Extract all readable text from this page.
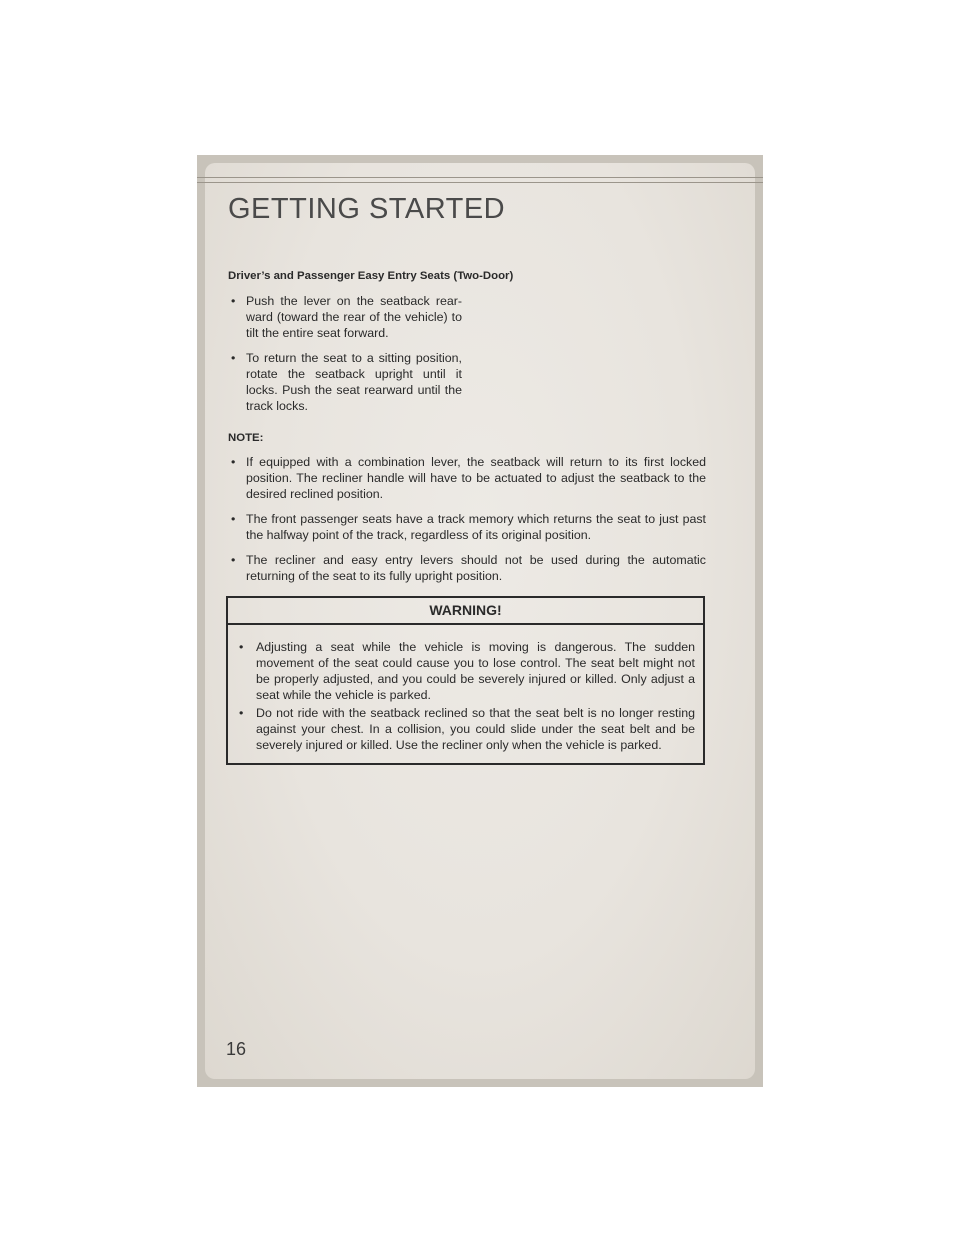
GETTING STARTED
Driver’s and Passenger Easy Entry Seats (Two-Door)
• Push the lever on the seatback rear-ward (toward the rear of the vehicle) to tilt the entire seat forward.
• To return the seat to a sitting position, rotate the seatback upright until it locks. Push the seat rearward until the track locks.
NOTE:
• If equipped with a combination lever, the seatback will return to its first locked position. The recliner handle will have to be actuated to adjust the seatback to the desired reclined position.
• The front passenger seats have a track memory which returns the seat to just past the halfway point of the track, regardless of its original position.
• The recliner and easy entry levers should not be used during the automatic returning of the seat to its fully upright position.
WARNING!
• Adjusting a seat while the vehicle is moving is dangerous. The sudden movement of the seat could cause you to lose control. The seat belt might not be properly adjusted, and you could be severely injured or killed. Only adjust a seat while the vehicle is parked.
• Do not ride with the seatback reclined so that the seat belt is no longer resting against your chest. In a collision, you could slide under the seat belt and be severely injured or killed. Use the recliner only when the vehicle is parked.
16
